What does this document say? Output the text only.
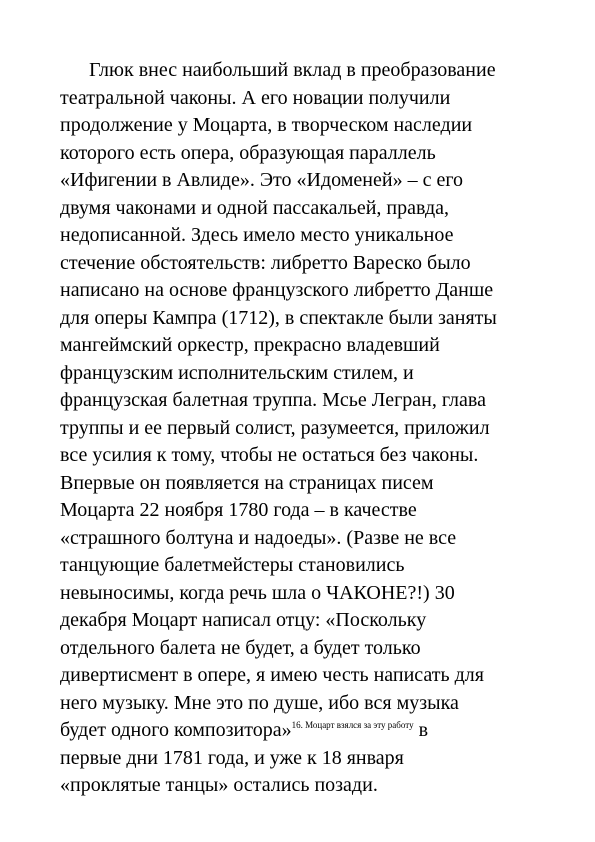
Глюк внес наибольший вклад в преобразование
театральной чаконы. А его новации получили
продолжение у Моцарта, в творческом наследии
которого есть опера, образующая параллель
«Ифигении в Авлиде». Это «Идоменей» – с его
двумя чаконами и одной пассакальей, правда,
недописанной. Здесь имело место уникальное
стечение обстоятельств: либретто Вареско было
написано на основе французского либретто Данше
для оперы Кампра (1712), в спектакле были заняты
мангеймский оркестр, прекрасно владевший
французским исполнительским стилем, и
французская балетная труппа. Мсье Легран, глава
труппы и ее первый солист, разумеется, приложил
все усилия к тому, чтобы не остаться без чаконы.
Впервые он появляется на страницах писем
Моцарта 22 ноября 1780 года – в качестве
«страшного болтуна и надоеды». (Разве не все
танцующие балетмейстеры становились
невыносимы, когда речь шла о ЧАКОНЕ?!) 30
декабря Моцарт написал отцу: «Поскольку
отдельного балета не будет, а будет только
дивертисмент в опере, я имею честь написать для
него музыку. Мне это по душе, ибо вся музыка
будет одного композитора»$^{16. Моцарт взялся за эту работу}$ в
первые дни 1781 года, и уже к 18 января
«проклятые танцы» остались позади.
